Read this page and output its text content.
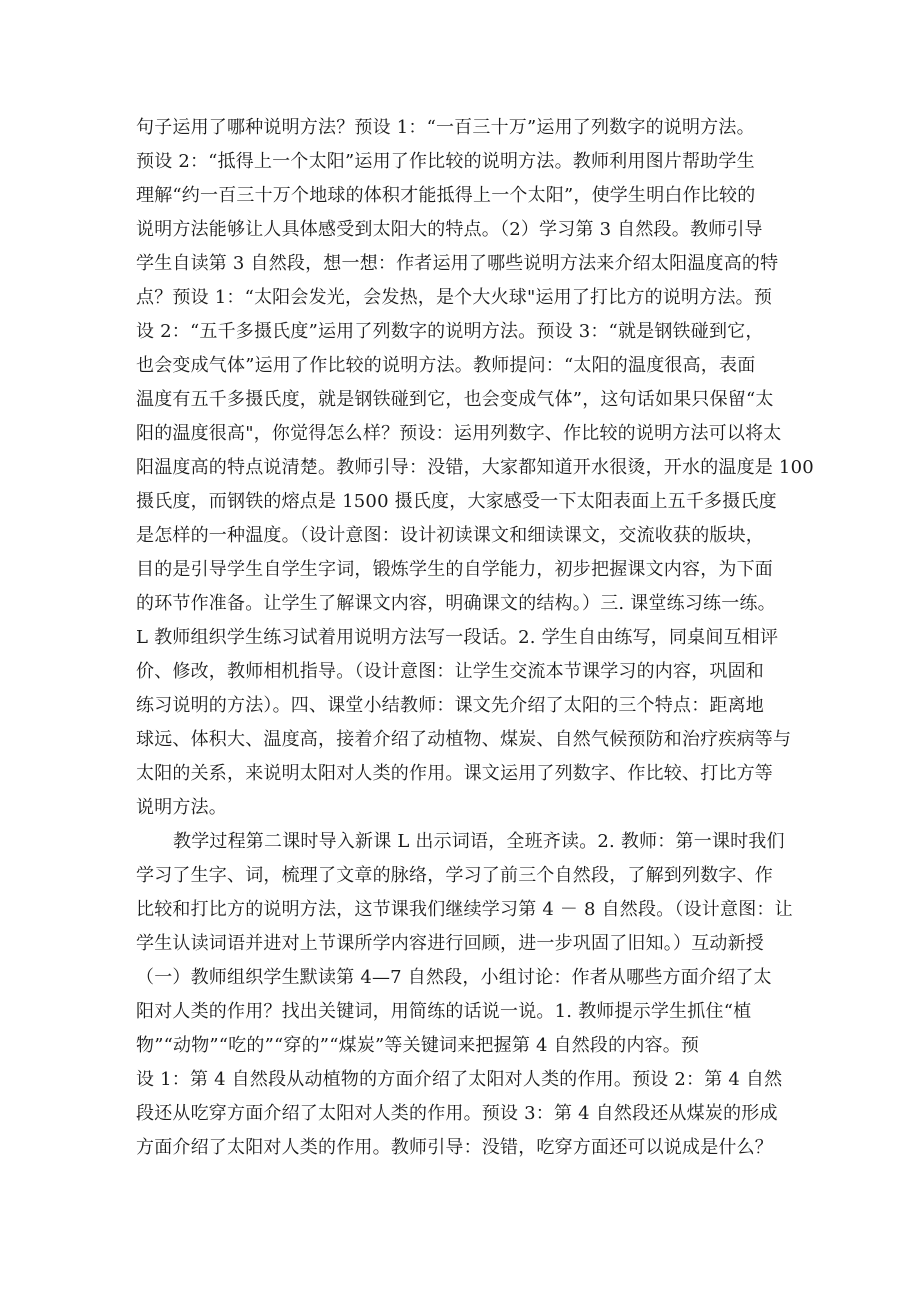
句子运用了哪种说明方法？预设 1：“一百三十万”运用了列数字的说明方法。
预设 2：“抵得上一个太阳”运用了作比较的说明方法。教师利用图片帮助学生
理解“约一百三十万个地球的体积才能抵得上一个太阳”，使学生明白作比较的
说明方法能够让人具体感受到太阳大的特点。（2）学习第 3 自然段。教师引导
学生自读第 3 自然段，想一想：作者运用了哪些说明方法来介绍太阳温度高的特
点？预设 1：“太阳会发光，会发热，是个大火球"运用了打比方的说明方法。预
设 2：“五千多摄氏度”运用了列数字的说明方法。预设 3：“就是钢铁碰到它，
也会变成气体”运用了作比较的说明方法。教师提问：“太阳的温度很高，表面
温度有五千多摄氏度，就是钢铁碰到它，也会变成气体”，这句话如果只保留“太
阳的温度很高"，你觉得怎么样？预设：运用列数字、作比较的说明方法可以将太
阳温度高的特点说清楚。教师引导：没错，大家都知道开水很烫，开水的温度是 100
摄氏度，而钢铁的熔点是 1500 摄氏度，大家感受一下太阳表面上五千多摄氏度
是怎样的一种温度。（设计意图：设计初读课文和细读课文，交流收获的版块，
目的是引导学生自学生字词，锻炼学生的自学能力，初步把握课文内容，为下面
的环节作准备。让学生了解课文内容，明确课文的结构。）三. 课堂练习练一练。
L 教师组织学生练习试着用说明方法写一段话。2. 学生自由练写，同桌间互相评
价、修改，教师相机指导。（设计意图：让学生交流本节课学习的内容，巩固和
练习说明的方法）。四、课堂小结教师：课文先介绍了太阳的三个特点：距离地
球远、体积大、温度高，接着介绍了动植物、煤炭、自然气候预防和治疗疾病等与
太阳的关系，来说明太阳对人类的作用。课文运用了列数字、作比较、打比方等
说明方法。
教学过程第二课时导入新课 L 出示词语，全班齐读。2. 教师：第一课时我们
学习了生字、词，梳理了文章的脉络，学习了前三个自然段，了解到列数字、作
比较和打比方的说明方法，这节课我们继续学习第 4 － 8 自然段。（设计意图：让
学生认读词语并进对上节课所学内容进行回顾，进一步巩固了旧知。）互动新授
（一）教师组织学生默读第 4—7 自然段，小组讨论：作者从哪些方面介绍了太
阳对人类的作用？找出关键词，用简练的话说一说。1. 教师提示学生抓住“植
物”“动物”“吃的”“穿的”“煤炭”等关键词来把握第 4 自然段的内容。预
设 1：第 4 自然段从动植物的方面介绍了太阳对人类的作用。预设 2：第 4 自然
段还从吃穿方面介绍了太阳对人类的作用。预设 3：第 4 自然段还从煤炭的形成
方面介绍了太阳对人类的作用。教师引导：没错，吃穿方面还可以说成是什么？
